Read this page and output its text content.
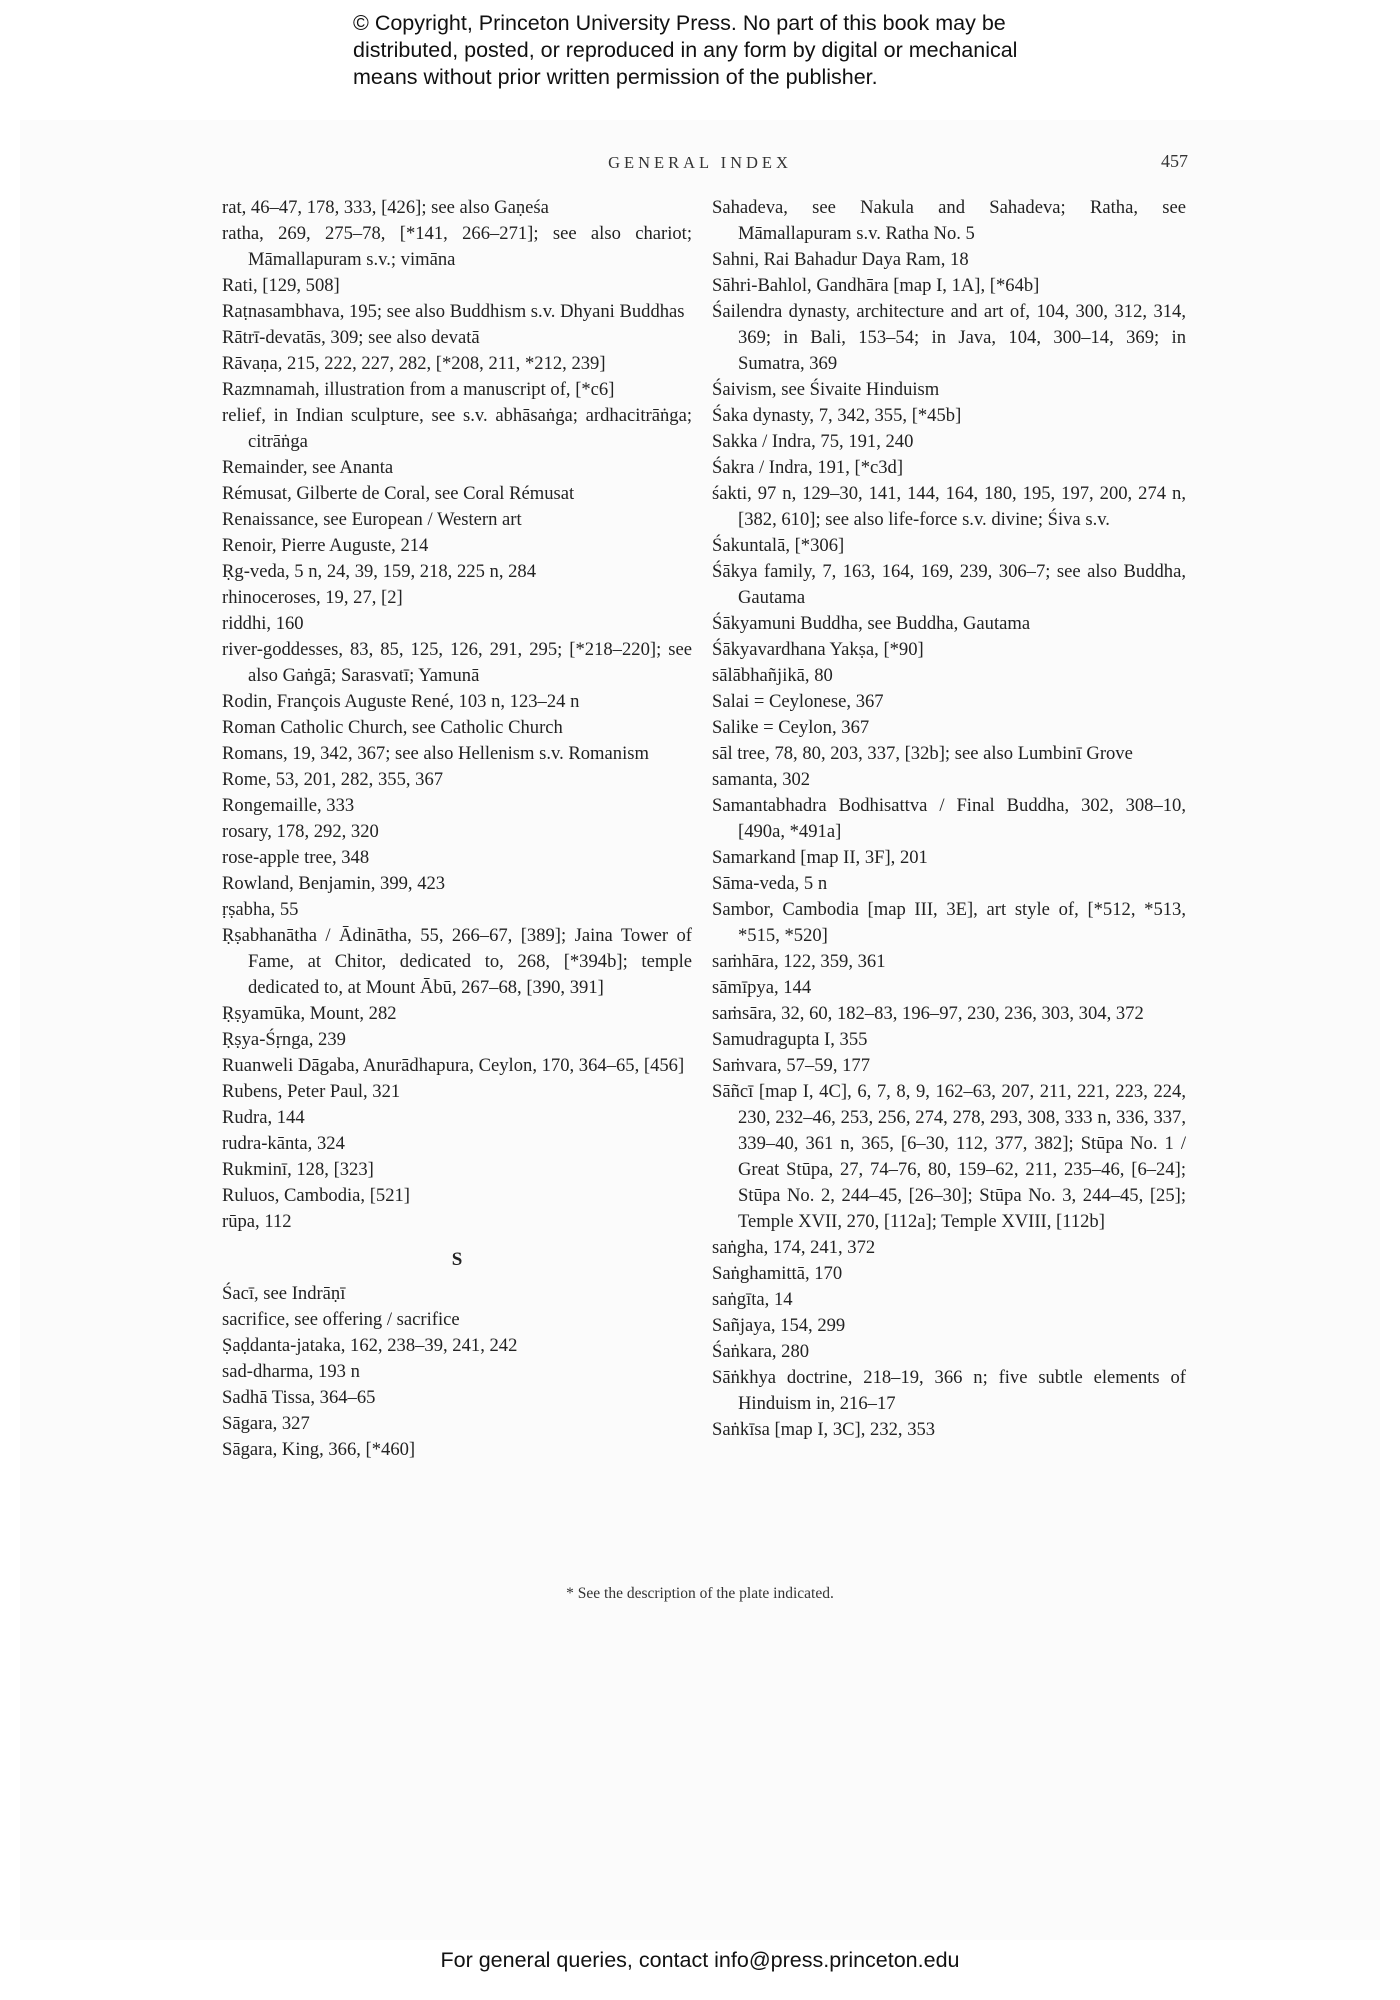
© Copyright, Princeton University Press. No part of this book may be
distributed, posted, or reproduced in any form by digital or mechanical
means without prior written permission of the publisher.
GENERAL INDEX	457
rat, 46–47, 178, 333, [426]; see also Gaṇeśa
ratha, 269, 275–78, [*141, 266–271]; see also chariot; Māmallapuram s.v.; vimāna
Rati, [129, 508]
Raṭnasambhava, 195; see also Buddhism s.v. Dhyani Buddhas
Rātrī-devatās, 309; see also devatā
Rāvaṇa, 215, 222, 227, 282, [*208, 211, *212, 239]
Razmnamah, illustration from a manuscript of, [*c6]
relief, in Indian sculpture, see s.v. abhāsaṅga; ardhacitrāṅga; citrāṅga
Remainder, see Ananta
Rémusat, Gilberte de Coral, see Coral Rémusat
Renaissance, see European / Western art
Renoir, Pierre Auguste, 214
Ṛg-veda, 5 n, 24, 39, 159, 218, 225 n, 284
rhinoceroses, 19, 27, [2]
riddhi, 160
river-goddesses, 83, 85, 125, 126, 291, 295; [*218–220]; see also Gaṅgā; Sarasvatī; Yamunā
Rodin, François Auguste René, 103 n, 123–24 n
Roman Catholic Church, see Catholic Church
Romans, 19, 342, 367; see also Hellenism s.v. Romanism
Rome, 53, 201, 282, 355, 367
Rongemaille, 333
rosary, 178, 292, 320
rose-apple tree, 348
Rowland, Benjamin, 399, 423
ṛṣabha, 55
Ṛṣabhanātha / Ādinātha, 55, 266–67, [389]; Jaina Tower of Fame, at Chitor, dedicated to, 268, [*394b]; temple dedicated to, at Mount Ābū, 267–68, [390, 391]
Ṛṣyamūka, Mount, 282
Ṛṣya-Śṛnga, 239
Ruanweli Dāgaba, Anurādhapura, Ceylon, 170, 364–65, [456]
Rubens, Peter Paul, 321
Rudra, 144
rudra-kānta, 324
Rukminī, 128, [323]
Ruluos, Cambodia, [521]
rūpa, 112
S
Śacī, see Indrāṇī
sacrifice, see offering / sacrifice
Ṣaḍdanta-jataka, 162, 238–39, 241, 242
sad-dharma, 193 n
Sadhā Tissa, 364–65
Sāgara, 327
Sāgara, King, 366, [*460]
Sahadeva, see Nakula and Sahadeva; Ratha, see Māmallapuram s.v. Ratha No. 5
Sahni, Rai Bahadur Daya Ram, 18
Sāhri-Bahlol, Gandhāra [map I, 1A], [*64b]
Śailendra dynasty, architecture and art of, 104, 300, 312, 314, 369; in Bali, 153–54; in Java, 104, 300–14, 369; in Sumatra, 369
Śaivism, see Śivaite Hinduism
Śaka dynasty, 7, 342, 355, [*45b]
Sakka / Indra, 75, 191, 240
Śakra / Indra, 191, [*c3d]
śakti, 97 n, 129–30, 141, 144, 164, 180, 195, 197, 200, 274 n, [382, 610]; see also life-force s.v. divine; Śiva s.v.
Śakuntalā, [*306]
Śākya family, 7, 163, 164, 169, 239, 306–7; see also Buddha, Gautama
Śākyamuni Buddha, see Buddha, Gautama
Śākyavardhana Yakṣa, [*90]
sālābhañjikā, 80
Salai = Ceylonese, 367
Salike = Ceylon, 367
sāl tree, 78, 80, 203, 337, [32b]; see also Lumbinī Grove
samanta, 302
Samantabhadra Bodhisattva / Final Buddha, 302, 308–10, [490a, *491a]
Samarkand [map II, 3F], 201
Sāma-veda, 5 n
Sambor, Cambodia [map III, 3E], art style of, [*512, *513, *515, *520]
saṁhāra, 122, 359, 361
sāmīpya, 144
saṁsāra, 32, 60, 182–83, 196–97, 230, 236, 303, 304, 372
Samudragupta I, 355
Saṁvara, 57–59, 177
Sāñcī [map I, 4C], 6, 7, 8, 9, 162–63, 207, 211, 221, 223, 224, 230, 232–46, 253, 256, 274, 278, 293, 308, 333 n, 336, 337, 339–40, 361 n, 365, [6–30, 112, 377, 382]; Stūpa No. 1 / Great Stūpa, 27, 74–76, 80, 159–62, 211, 235–46, [6–24]; Stūpa No. 2, 244–45, [26–30]; Stūpa No. 3, 244–45, [25]; Temple XVII, 270, [112a]; Temple XVIII, [112b]
saṅgha, 174, 241, 372
Saṅghamittā, 170
saṅgīta, 14
Sañjaya, 154, 299
Śaṅkara, 280
Sāṅkhya doctrine, 218–19, 366 n; five subtle elements of Hinduism in, 216–17
Saṅkīsa [map I, 3C], 232, 353
* See the description of the plate indicated.
For general queries, contact info@press.princeton.edu
